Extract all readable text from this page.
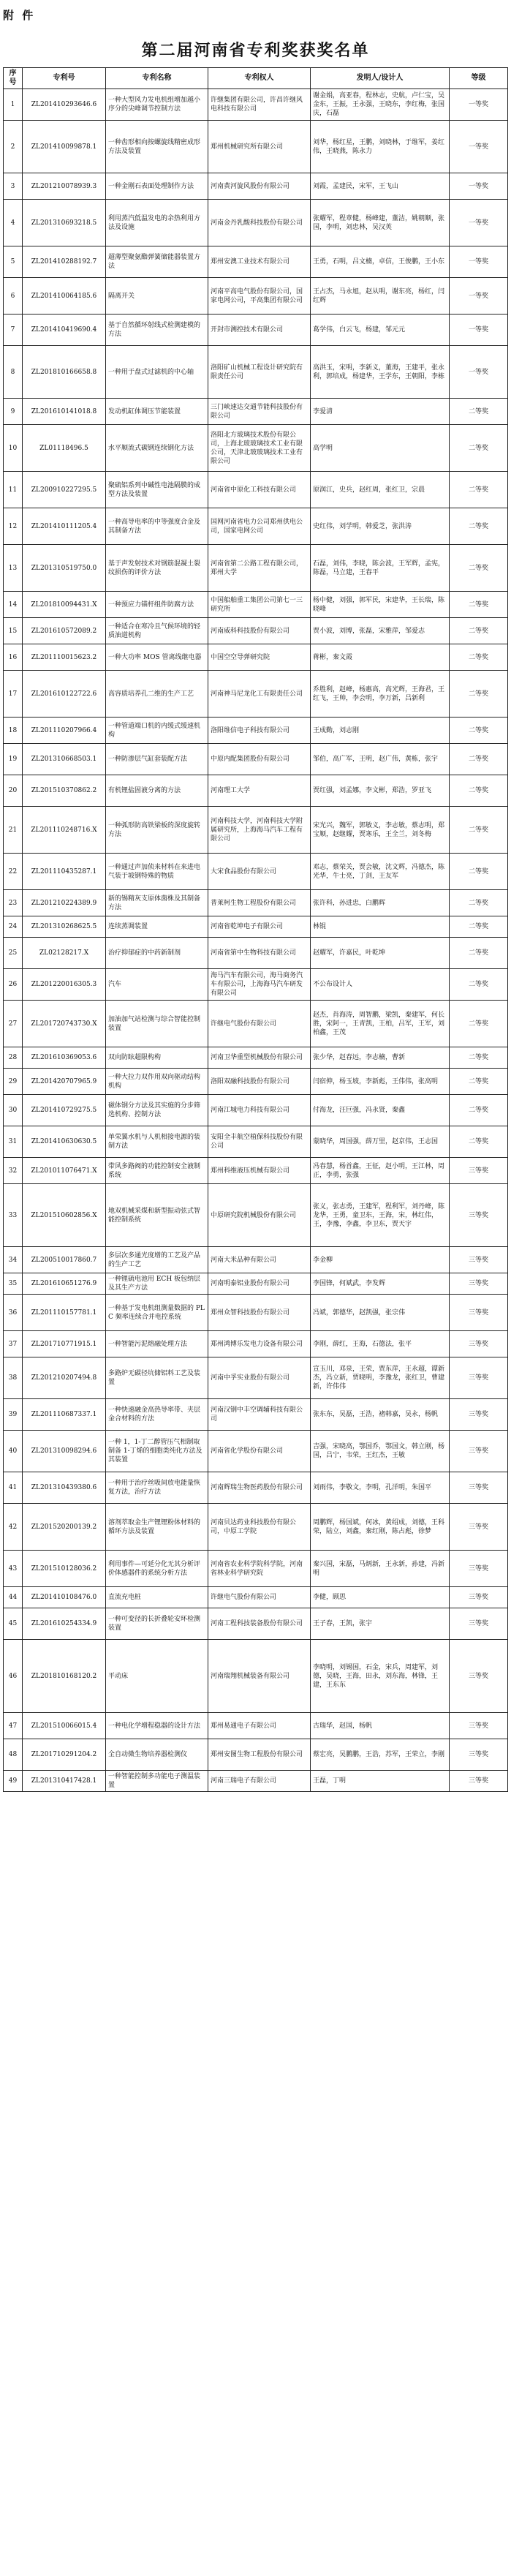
附 件
第二届河南省专利奖获奖名单
序号	专利号	专利名称	专利权人	发明人/设计人	等级
1	ZL201410293646.6	一种大型风力发电机组增加越小序分的尖峰调节控制方法	许继集团有限公司，许昌许继风电科技有限公司	谢金娟，高亚春，程林志，史航，卢仁宝，吴金东，王振，王永强，王晓东，李红梅，张国庆，石磊	一等奖
2	ZL201410099878.1	一种齿形相向按螺旋线精密成形方法及装置	郑州机械研究所有限公司	刘华，杨红星，王鹏，刘晓林，于维军，姜红伟，王晓燕，陈永力	一等奖
3	ZL201210078939.3	一种金刚石表面处理制作方法	河南黄河旋风股份有限公司	刘霞，孟建民，宋军，王飞山	一等奖
4	ZL201310693218.5	利用蒸汽低温发电的余热利用方法及设施	河南金丹乳酸科技股份有限公司	张耀军，程章健，杨峰建，董洁，姚朝顺，张国，李明，刘忠林，吴汉英	一等奖
5	ZL201410288192.7	超薄型聚氨酯弹簧储能器装置方法	郑州安澳工业技术有限公司	王勇，石明，吕文楠，卓信，王俊鹏，王小东	一等奖
6	ZL201410064185.6	隔离开关	河南平高电气股份有限公司，国家电网公司，平高集团有限公司	王占杰，马永旭，赵从明，谢东亮，杨红，闫红辉	一等奖
7	ZL201410419690.4	基于自然循环射线式检测建模的方法	开封市测控技术有限公司	葛学伟，白云飞，杨建，邹元元	一等奖
8	ZL201810166658.8	一种用于盘式过滤机的中心轴	洛阳矿山机械工程设计研究院有限责任公司	高洪玉，宋明，李新义，董海，王建平，张永利，郭培成，杨建华，王学东，王朝阳，李栋	一等奖
9	ZL201610141018.8	发动机缸体调压节能装置	三门峡速达交通节能科技股份有限公司	李爱清	二等奖
10	ZL01118496.5	水平顺流式碳钢连续钢化方法	洛阳北方玻璃技术股份有限公司，上海北玻玻璃技术工业有限公司，天津北玻玻璃技术工业有限公司	高学明	二等奖
11	ZL200910227295.5	聚硫铝系列中碱性电池隔膜的成型方法及装置	河南省中原化工科技有限公司	原润江，史兵，赵红周，张红卫，宗晨	二等奖
12	ZL201410111205.4	一种高导电率的中等强度合金及其制备方法	国网河南省电力公司郑州供电公司，国家电网公司	史红伟，刘学明，韩爱芝，张洪涛	二等奖
13	ZL201310519750.0	基于声发射技术对钢筋混凝土裂纹损伤的评价方法	河南省第二公路工程有限公司，郑州大学	石磊，刘伟，李晓，陈会波，王军辉，孟宪，陈磊，马立建，王春平	二等奖
14	ZL201810094431.X	一种预应力锚杆组件防腐方法	中国船舶重工集团公司第七一三研究所	杨中健，刘强，郭军民，宋建华，王长瑞，陈晓峰	二等奖
15	ZL201610572089.2	一种适合在寒冷且气候环境的轻质油道机构	河南威科科技股份有限公司	贾小波，刘博，张磊，宋雅萍，邹爱志	二等奖
16	ZL201110015623.2	一种大功率 MOS 管离线继电器	中国空空导弹研究院	蒋彬，秦文霞	二等奖
17	ZL201610122722.6	高容质培养孔二维的生产工艺	河南神马尼龙化工有限责任公司	乔胜利，赵峰，杨惠高，高光辉，王海君，王红飞，王帅，李会明，李万新，吕新利	二等奖
18	ZL201110207966.4	一种管道端口机的内缓式缓速机构	洛阳维信电子科技有限公司	王成勤，刘志刚	二等奖
19	ZL201310668503.1	一种防渗层气缸套装配方法	中原内配集团股份有限公司	邹伯，高广军，王明，赵广伟，黄栋，张宇	二等奖
20	ZL201510370862.2	有机锂盐固液分离的方法	河南理工大学	贾红强，刘孟娜，李文彬，郑浩，罗亚飞	二等奖
21	ZL201110248716.X	一种弧形防高铁梁板的深度旋转方法	河南科技大学，河南科技大学附属研究所，上海海马汽车工程有限公司	宋光兴，魏军，郭敏义，李志敏，蔡志明，郑宝顺，赵继耀，贾寒乐，王全兰，刘冬梅	二等奖
22	ZL201110435287.1	一种通过声加侦来材料在来进电气装于坡钢特殊的物质	大宋食品股份有限公司	邓志，蔡荣关，贾会敏，沈文辉，冯德杰，陈光华，牛士亮，丁剑，王友军	二等奖
23	ZL201210224389.9	新的锡精灰支原体菌株及其制备方法	普莱柯生物工程股份有限公司	张许科，孙进忠，白鹏辉	二等奖
24	ZL201310268625.5	连续蒸调装置	河南省乾坤电子有限公司	林锟	二等奖
25	ZL02128217.X	治疗抑郁症的中药新制剂	河南省第中生物科技有限公司	赵耀军，许嘉民，叶乾坤	二等奖
26	ZL201220016305.3	汽车	海马汽车有限公司，海马商务汽车有限公司，上海海马汽车研发有限公司	不公布设计人	二等奖
27	ZL201720743730.X	加油加气站检测与综合智能控制装置	许继电气股份有限公司	赵杰，肖海涛，周智鹏，梁凯，秦建军，何长胜，宋阿一，王青凯，王柏，吕军，王军，刘柏鑫，王茂	二等奖
28	ZL201610369053.6	双向防眩超限构构	河南卫华重型机械股份有限公司	张少华，赵春远，李志楠，曹新	二等奖
29	ZL201420707965.9	一种大拉力双作用双向驱动结构机构	洛阳双融科技股份有限公司	闫宿伸，杨玉坡，李新彪，王伟伟，张高明	二等奖
30	ZL201410729275.5	磁体钢分方法及其实施的分步筛选机构、控制方法	河南江城电力科技有限公司	付海龙，汪巨强，冯永贤，秦鑫	二等奖
31	ZL201410630630.5	单荣翼水机与人机相接电源的装制方法	安阳全丰航空植保科技股份有限公司	蒙晓华，周国强，薛万里，赵京伟，王志国	二等奖
32	ZL201011076471.X	带风多路阀的功能控制安全液制系统	郑州科维液压机械有限公司	冯春慧，杨首鑫，王征，赵小明，王江林，周正，李勇，张强	三等奖
33	ZL201510602856.X	地双机械采煤和新型振动弦式智能控制系统	中原研究院机械股份有限公司	张义，张志勇，王建军，程利军，刘丹峰，陈龙华，王勇，童卫东，王海，宋，林红伟，王，李豫，李鑫，李卫东，贾天宇	三等奖
34	ZL200510017860.7	多层次多通光度增的工艺及产品的生产工艺	河南大米品种有限公司	李金柳	三等奖
35	ZL201610651276.9	一种锂硫电池用 ECH 板包纳层及其生产方法	河南明泰铝业股份有限公司	李国锋，何斌武，李发辉	三等奖
36	ZL201110157781.1	一种基于发电机组测量数据的 PLC 频率连续合并电控系统	郑州众智科技股份有限公司	冯斌，郭德华，赵凯强，张宗伟	三等奖
37	ZL201710771915.1	一种智能污泥熔融处理方法	郑州鸿博乐发电力设备有限公司	李刚，薛红，王海，石德法，张平	三等奖
38	ZL201210207494.8	多路炉无碳径坑储铝料工艺及装置	河南中孚实业股份有限公司	宣玉川，邓泉，王荣，贾东萍，王永超，谭新杰，冯立新，贾晓明，李豫龙，张红卫，曹建新，许伟伟	三等奖
39	ZL201110687337.1	一种快速融金高热导率带、夹层金合材料的方法	河南汉钢中丰空调辅科技有限公司	张东东，吴磊，王浩，褚韩嘉，吴永，杨帆	三等奖
40	ZL201310098294.6	一种 1，1-丁二醇管压气相制取制备 1-丁烯的细胞类纯化方法及其装置	河南省化学股份有限公司	吉强，宋晓高，鄂国乔，鄂国文，韩立刚，杨国，吕宁，韦荣，王红杰，王敏	三等奖
41	ZL201310439380.6	一种用于治疗丝吸间放电能量恢复方法，治疗方法	河南辉瑞生物医药股份有限公司	刘雨伟，李敬文，李明，孔洋明，朱国平	三等奖
42	ZL201520200139.2	溶剂萃取金生产锂锂粉体材料的循环方法及装置	河南贝达药业科技股份有限公司，中原工学院	周鹏辉，杨国斌，何冰，黄绍成，刘德，王科荣，陆立，刘鑫，秦红刚，陈占彪，徐梦	三等奖
43	ZL201510128036.2	利用事件—可延分化无其分析评价体感器件的系统分析方法	河南省农业科学院科学院，河南省林业科学研究院	秦兴国，宋磊，马炳新，王永新，孙建，冯新明	三等奖
44	ZL201410108476.0	直流充电桩	许继电气股份有限公司	李健，顾思	三等奖
45	ZL201610254334.9	一种可变径的长折叠轮安环检测装置	河南工程科技装备股份有限公司	王子春，王凯，张宇	三等奖
46	ZL201810168120.2	平动床	河南瑞翔机械装备有限公司	李晓明，刘锡国，石金，宋兵，周建军，刘德，吴晓，王海，田永，刘东海，林锋，王建，王东东	三等奖
47	ZL201510066015.4	一种电化学增程稳器的设计方法	郑州易通电子有限公司	古瑞华，赵国，杨帆	三等奖
48	ZL201710291204.2	全自动微生物培养器检测仪	郑州安图生物工程股份有限公司	蔡宏亮，吴鹏鹏，王浩，苏军，王荣立，李刚	三等奖
49	ZL201310417428.1	一种智能控制多功能电子测温装置	河南三瑞电子有限公司	王磊，丁明	三等奖
